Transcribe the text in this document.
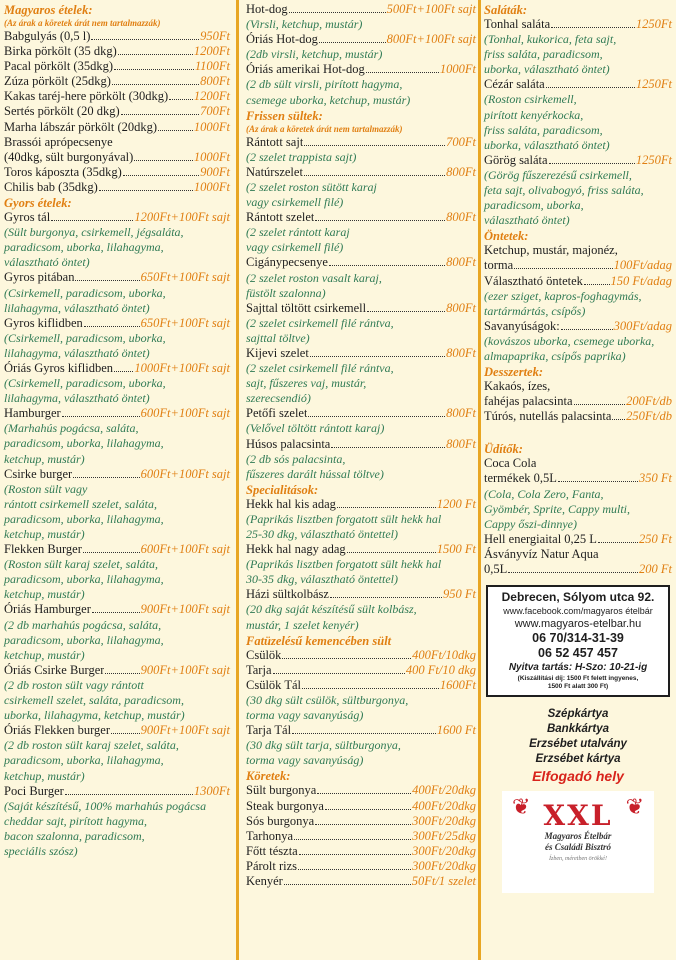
Magyaros ételek:
(Az árak a köretek árát nem tartalmazzák)
Babgulyás (0,5 l)	950Ft
Birka pörkölt (35 dkg)	1200Ft
Pacal pörkölt (35dkg)	1100Ft
Zúza pörkölt (25dkg)	800Ft
Kakas taréj-here pörkölt (30dkg) 1200Ft
Sertés pörkölt (20 dkg)	700Ft
Marha lábszár pörkölt (20dkg)	1000Ft
Brassói aprópecsenye
(40dkg, sült burgonyával)	1000Ft
Toros káposzta (35dkg)	900Ft
Chilis bab (35dkg)	1000Ft
Gyors ételek:
Gyros tál	1200Ft+100Ft sajt
(Sült burgonya, csirkemell, jégsaláta,
paradicsom, uborka, lilahagyma,
választható öntet)
Gyros pitában	650Ft+100Ft sajt
(Csirkemell, paradicsom, uborka,
lilahagyma, választható öntet)
Gyros kiflidben	650Ft+100Ft sajt
(Csirkemell, paradicsom, uborka,
lilahagyma, választható öntet)
Óriás Gyros kiflidben 1000Ft+100Ft sajt
(Csirkemell, paradicsom, uborka,
lilahagyma, választható öntet)
Hamburger	600Ft+100Ft sajt
(Marhahús pogácsa, saláta,
paradicsom, uborka, lilahagyma,
ketchup, mustár)
Csirke burger	600Ft+100Ft sajt
(Roston sült vagy
rántott csirkemell szelet, saláta,
paradicsom, uborka, lilahagyma,
ketchup, mustár)
Flekken Burger	600Ft+100Ft sajt
(Roston sült karaj szelet, saláta,
paradicsom, uborka, lilahagyma,
ketchup, mustár)
Óriás Hamburger	900Ft+100Ft sajt
(2 db marhahús pogácsa, saláta,
paradicsom, uborka, lilahagyma,
ketchup, mustár)
Óriás Csirke Burger	900Ft+100Ft sajt
(2 db roston sült vagy rántott
csirkemell szelet, saláta, paradicsom,
uborka, lilahagyma, ketchup, mustár)
Óriás Flekken burger 900Ft+100Ft sajt
(2 db roston sült karaj szelet, saláta,
paradicsom, uborka, lilahagyma,
ketchup, mustár)
Poci Burger	1300Ft
(Saját készítésű, 100% marhahús pogácsa
cheddar sajt, pirított hagyma,
bacon szalonna, paradicsom,
speciális szósz)
Hot-dog	500Ft+100Ft sajt
(Virsli, ketchup, mustár)
Óriás Hot-dog	800Ft+100Ft sajt
(2db virsli, ketchup, mustár)
Óriás amerikai Hot-dog	1000Ft
(2 db sült virsli, pirított hagyma,
csemege uborka, ketchup, mustár)
Frissen sültek:
(Az árak a köretek árát nem tartalmazzák)
Rántott sajt	700Ft
(2 szelet trappista sajt)
Natúrszelet	800Ft
(2 szelet roston sütött karaj
vagy csirkemell filé)
Rántott szelet	800Ft
(2 szelet rántott karaj
vagy csirkemell filé)
Cigánypecsenye	800Ft
(2 szelet roston vasalt karaj,
füstölt szalonna)
Sajttal töltött csirkemell	800Ft
(2 szelet csirkemell filé rántva,
sajttal töltve)
Kijevi szelet	800Ft
(2 szelet csirkemell filé rántva,
sajt, fűszeres vaj, mustár,
szerecsendió)
Petőfi szelet	800Ft
(Velővel töltött rántott karaj)
Húsos palacsinta	800Ft
(2 db sós palacsinta,
fűszeres darált hússal töltve)
Specialitások:
Hekk hal kis adag	1200 Ft
(Paprikás lisztben forgatott sült hekk hal
25-30 dkg, választható öntettel)
Hekk hal nagy adag	1500 Ft
(Paprikás lisztben forgatott sült hekk hal
30-35 dkg, választható öntettel)
Házi sültkolbász	950 Ft
(20 dkg saját készítésű sült kolbász,
mustár, 1 szelet kenyér)
Fatüzelésű kemencében sült
Csülök	400Ft/10dkg
Tarja	400 Ft/10 dkg
Csülök Tál	1600Ft
(30 dkg sült csülök, sültburgonya,
torma vagy savanyúság)
Tarja Tál	1600 Ft
(30 dkg sült tarja, sültburgonya,
torma vagy savanyúság)
Köretek:
Sült burgonya	400Ft/20dkg
Steak burgonya	400Ft/20dkg
Sós burgonya	300Ft/20dkg
Tarhonya	300Ft/25dkg
Főtt tészta	300Ft/20dkg
Párolt rizs	300Ft/20dkg
Kenyér	50Ft/1 szelet
Saláták:
Tonhal saláta	1250Ft
(Tonhal, kukorica, feta sajt,
friss saláta, paradicsom,
uborka, választható öntet)
Cézár saláta	1250Ft
(Roston csirkemell,
pirított kenyérkocka,
friss saláta, paradicsom,
uborka, választható öntet)
Görög saláta	1250Ft
(Görög fűszerezésű csirkemell,
feta sajt, olivabogyó, friss saláta,
paradicsom, uborka,
választható öntet)
Öntetek:
Ketchup, mustár, majonéz,
torma	100Ft/adag
Választható öntetek 150 Ft/adag
(ezer sziget, kapros-foghagymás,
tartármártás, csípős)
Savanyúságok:	300Ft/adag
(kovászos uborka, csemege uborka,
almapaprika, csípős paprika)
Desszertek:
Kakaós, ízes,
fahéjas palacsinta	200Ft/db
Túrós, nutellás palacsinta 250Ft/db
Üdítők:
Coca Cola
termékek 0,5L	350 Ft
(Cola, Cola Zero, Fanta,
Gyömbér, Sprite, Cappy multi,
Cappy őszi-dinnye)
Hell energiaital 0,25 L	250 Ft
Ásványvíz Natur Aqua
0,5L	200 Ft
Debrecen, Sólyom utca 92.
www.facebook.com/magyaros ételbár
www.magyaros-etelbar.hu
06 70/314-31-39
06 52 457 457
Nyitva tartás: H-Szo: 10-21-ig
(Kiszállítási díj: 1500 Ft felett ingyenes,
1500 Ft alatt 300 Ft)
Szépkártya
Bankkártya
Erzsébet utalvány
Erzsébet kártya
Elfogadó hely
❦	❦
XXL
Magyaros Ételbár
és Családi Bisztró
Ízben, méretben örökké!
